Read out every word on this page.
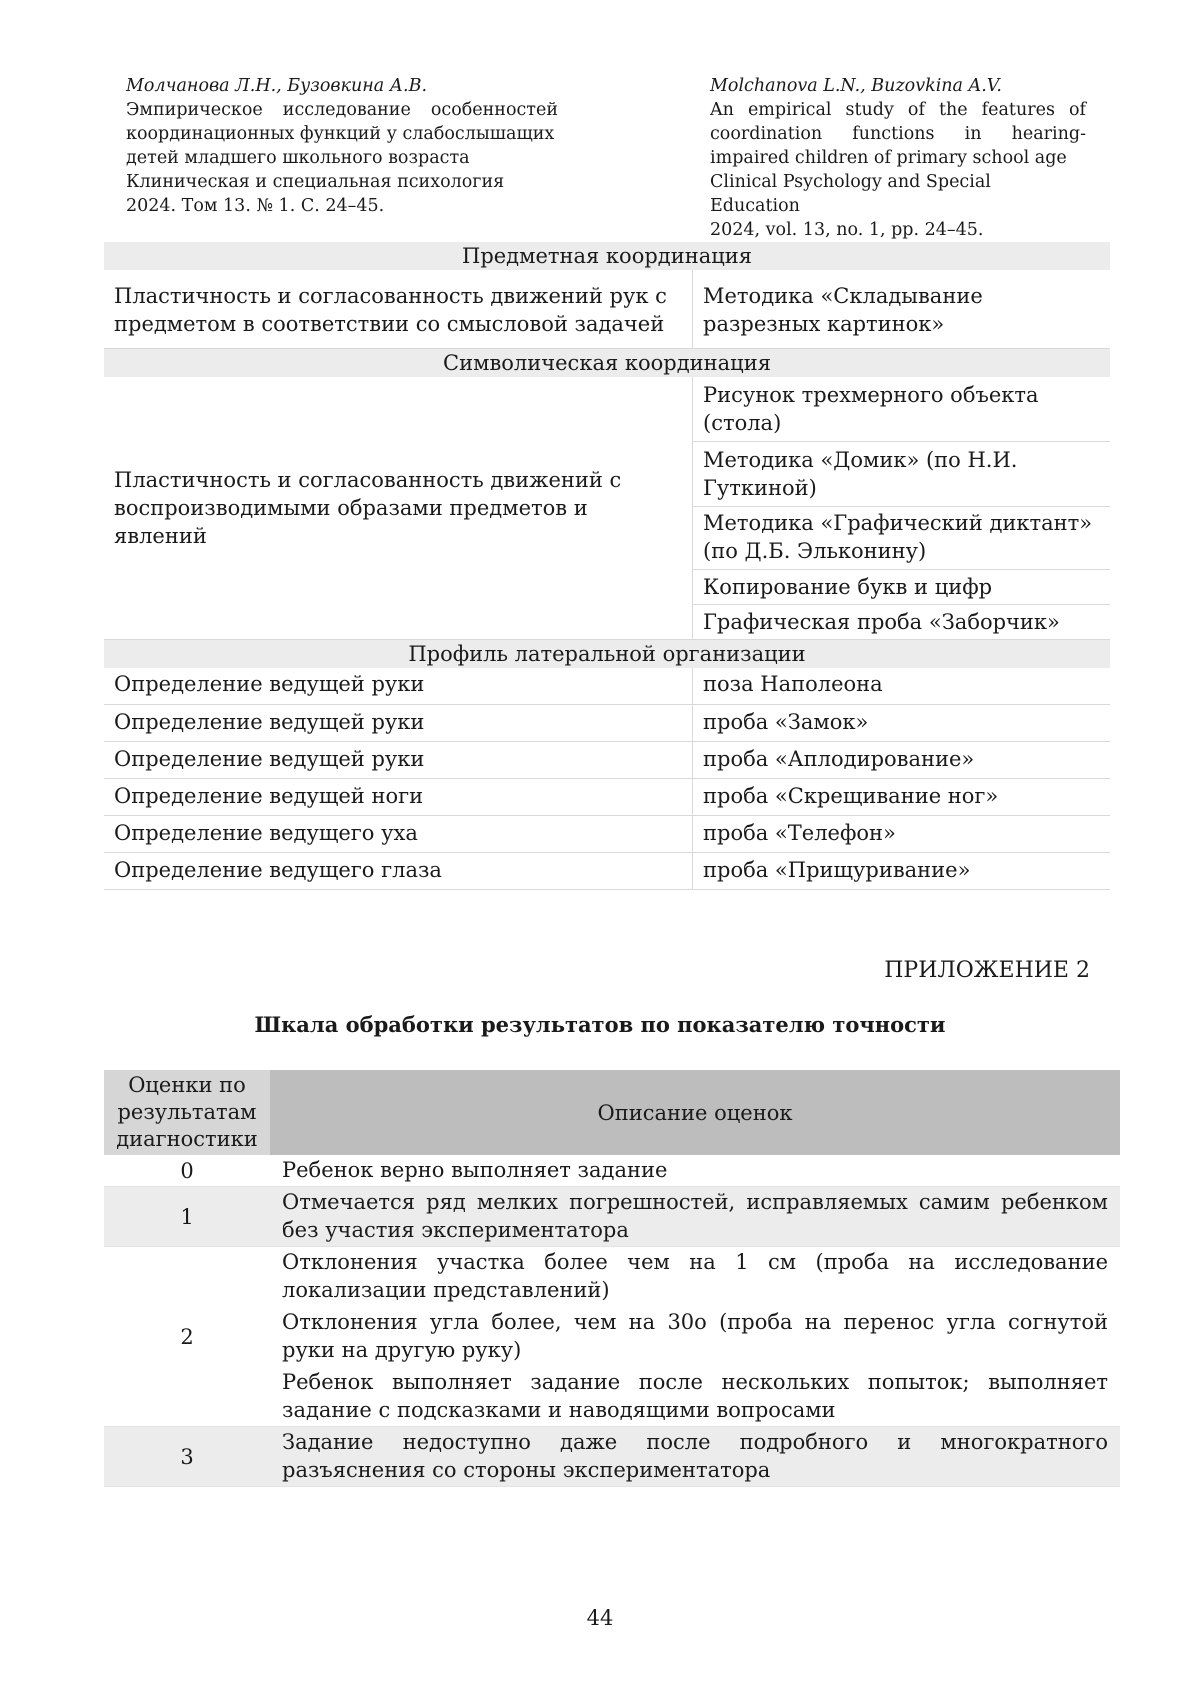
Молчанова Л.Н., Бузовкина А.В.
Эмпирическое исследование особенностей
координационных функций у слабослышащих
детей младшего школьного возраста
Клиническая и специальная психология
2024. Том 13. № 1. С. 24–45.
Molchanova L.N., Buzovkina A.V.
An empirical study of the features of
coordination functions in hearing-
impaired children of primary school age
Clinical Psychology and Special Education
2024, vol. 13, no. 1, pp. 24–45.
Предметная координация	
Пластичность и согласованность движений рук с предметом в соответствии со смысловой задачей	Методика «Складывание разрезных картинок»
Символическая координация	
Пластичность и согласованность движений с воспроизводимыми образами предметов и явлений	Рисунок трехмерного объекта (стола)
	Методика «Домик» (по Н.И. Гуткиной)
	Методика «Графический диктант» (по Д.Б. Эльконину)
	Копирование букв и цифр
	Графическая проба «Заборчик»
Профиль латеральной организации	
Определение ведущей руки	поза Наполеона
Определение ведущей руки	проба «Замок»
Определение ведущей руки	проба «Аплодирование»
Определение ведущей ноги	проба «Скрещивание ног»
Определение ведущего уха	проба «Телефон»
Определение ведущего глаза	проба «Прищуривание»
ПРИЛОЖЕНИЕ 2
Шкала обработки результатов по показателю точности
Оценки по
результатам
диагностики	Описание оценок
0	Ребенок верно выполняет задание
1	Отмечается ряд мелких погрешностей, исправляемых самим ребенком без участия экспериментатора
2	Отклонения участка более чем на 1 см (проба на исследование локализации представлений)

Отклонения угла более, чем на 30о (проба на перенос угла согнутой руки на другую руку)

Ребенок выполняет задание после нескольких попыток; выполняет задание с подсказками и наводящими вопросами

3	Задание недоступно даже после подробного и многократного разъяснения со стороны экспериментатора
44
